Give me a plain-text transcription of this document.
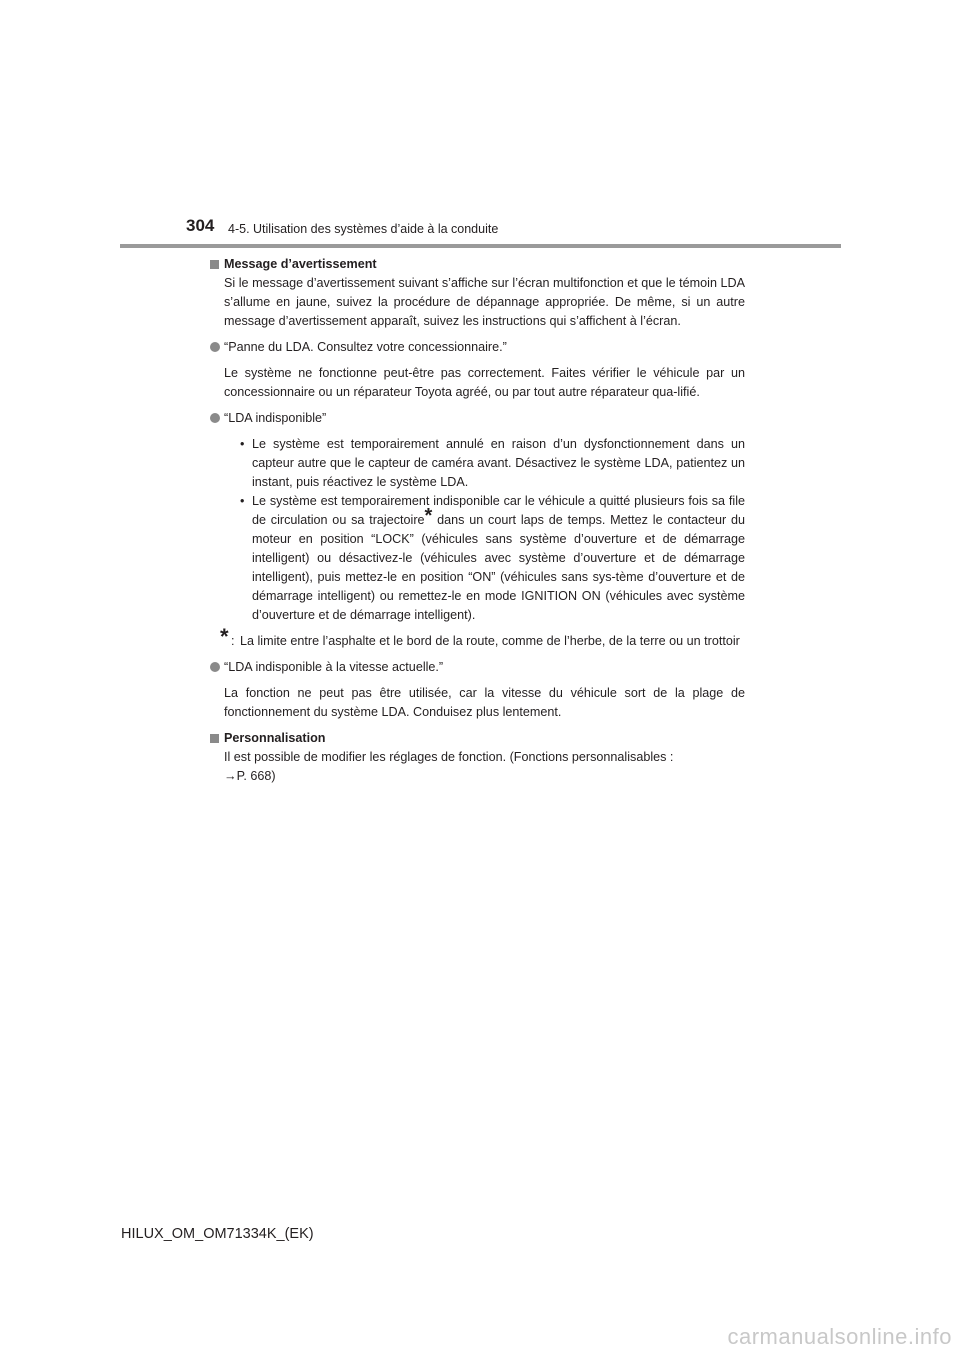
304 4-5. Utilisation des systèmes d’aide à la conduite
Message d’avertissement
Si le message d’avertissement suivant s’affiche sur l’écran multifonction et que le témoin LDA s’allume en jaune, suivez la procédure de dépannage appropriée. De même, si un autre message d’avertissement apparaît, suivez les instructions qui s’affichent à l’écran.
“Panne du LDA. Consultez votre concessionnaire.”
Le système ne fonctionne peut-être pas correctement. Faites vérifier le véhicule par un concessionnaire ou un réparateur Toyota agréé, ou par tout autre réparateur qua-lifié.
“LDA indisponible”
• Le système est temporairement annulé en raison d’un dysfonctionnement dans un capteur autre que le capteur de caméra avant. Désactivez le système LDA, patientez un instant, puis réactivez le système LDA.
• Le système est temporairement indisponible car le véhicule a quitté plusieurs fois sa file de circulation ou sa trajectoire* dans un court laps de temps. Mettez le contacteur du moteur en position “LOCK” (véhicules sans système d’ouverture et de démarrage intelligent) ou désactivez-le (véhicules avec système d’ouverture et de démarrage intelligent), puis mettez-le en position “ON” (véhicules sans sys-tème d’ouverture et de démarrage intelligent) ou remettez-le en mode IGNITION ON (véhicules avec système d’ouverture et de démarrage intelligent).
* : La limite entre l’asphalte et le bord de la route, comme de l’herbe, de la terre ou un trottoir
“LDA indisponible à la vitesse actuelle.”
La fonction ne peut pas être utilisée, car la vitesse du véhicule sort de la plage de fonctionnement du système LDA. Conduisez plus lentement.
Personnalisation
Il est possible de modifier les réglages de fonction. (Fonctions personnalisables :
→P. 668)
HILUX_OM_OM71334K_(EK)
carmanualsonline.info
